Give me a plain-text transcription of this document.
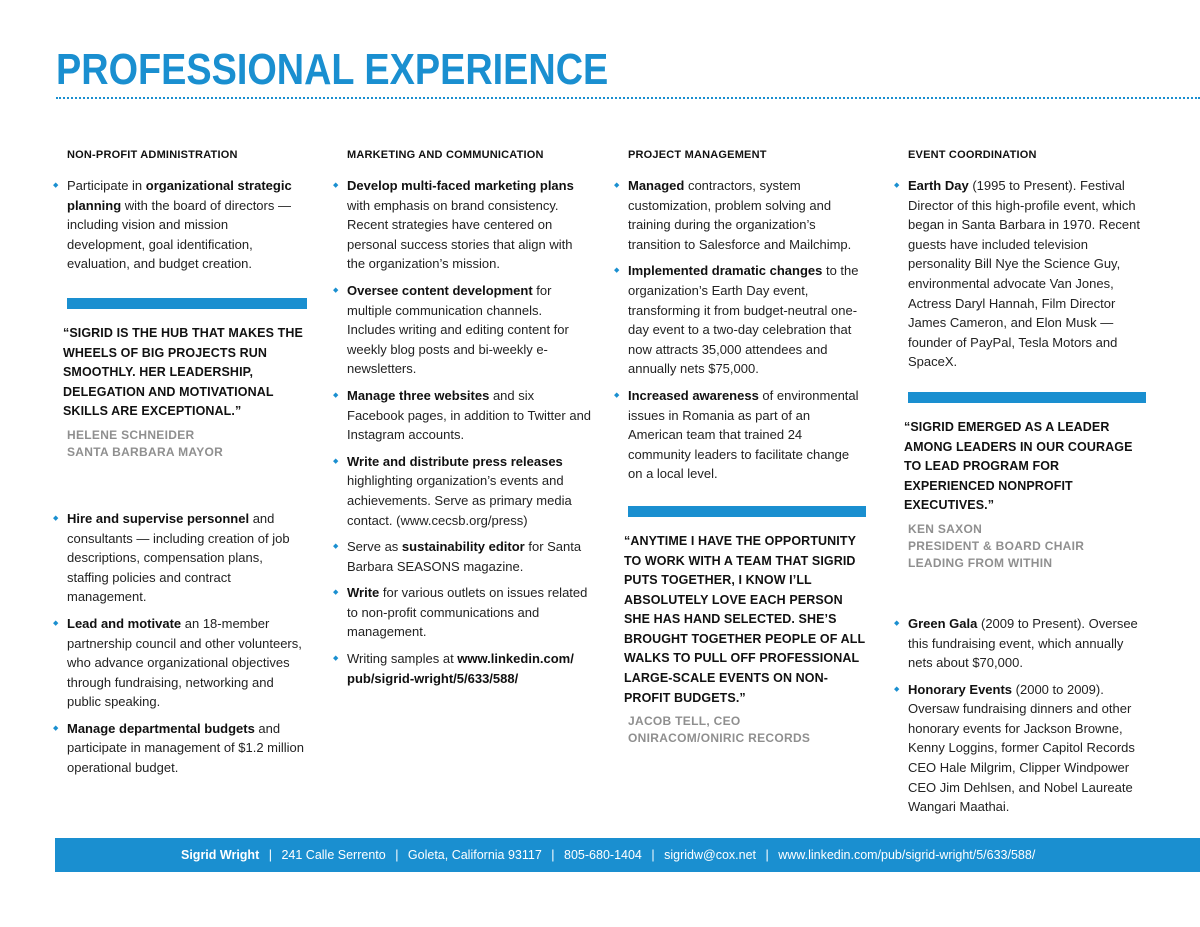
PROFESSIONAL EXPERIENCE
NON-PROFIT ADMINISTRATION
◆ Participate in organizational strategic planning with the board of directors — including vision and mission development, goal identification, evaluation, and budget creation.
“SIGRID IS THE HUB THAT MAKES THE WHEELS OF BIG PROJECTS RUN SMOOTHLY. HER LEADERSHIP, DELEGATION AND MOTIVATIONAL SKILLS ARE EXCEPTIONAL.”
HELENE SCHNEIDER
SANTA BARBARA MAYOR
◆ Hire and supervise personnel and consultants — including creation of job descriptions, compensation plans, staffing policies and contract management.
◆ Lead and motivate an 18-member partnership council and other volunteers, who advance organizational objectives through fundraising, networking and public speaking.
◆ Manage departmental budgets and participate in management of $1.2 million operational budget.
MARKETING AND COMMUNICATION
◆ Develop multi-faced marketing plans with emphasis on brand consistency. Recent strategies have centered on personal success stories that align with the organization’s mission.
◆ Oversee content development for multiple communication channels. Includes writing and editing content for weekly blog posts and bi-weekly e-newsletters.
◆ Manage three websites and six Facebook pages, in addition to Twitter and Instagram accounts.
◆ Write and distribute press releases highlighting organization’s events and achievements. Serve as primary media contact. (www.cecsb.org/press)
◆ Serve as sustainability editor for Santa Barbara SEASONS magazine.
◆ Write for various outlets on issues related to non-profit communications and management.
◆ Writing samples at www.linkedin.com/ pub/sigrid-wright/5/633/588/
PROJECT MANAGEMENT
◆ Managed contractors, system customization, problem solving and training during the organization’s transition to Salesforce and Mailchimp.
◆ Implemented dramatic changes to the organization’s Earth Day event, transforming it from budget-neutral one-day event to a two-day celebration that now attracts 35,000 attendees and annually nets $75,000.
◆ Increased awareness of environmental issues in Romania as part of an American team that trained 24 community leaders to facilitate change on a local level.
“ANYTIME I HAVE THE OPPORTUNITY TO WORK WITH A TEAM THAT SIGRID PUTS TOGETHER, I KNOW I’LL ABSOLUTELY LOVE EACH PERSON SHE HAS HAND SELECTED. SHE’S BROUGHT TOGETHER PEOPLE OF ALL WALKS TO PULL OFF PROFESSIONAL LARGE-SCALE EVENTS ON NON-PROFIT BUDGETS.”
JACOB TELL, CEO
ONIRACOM/ONIRIC RECORDS
EVENT COORDINATION
◆ Earth Day (1995 to Present). Festival Director of this high-profile event, which began in Santa Barbara in 1970. Recent guests have included television personality Bill Nye the Science Guy, environmental advocate Van Jones, Actress Daryl Hannah, Film Director James Cameron, and Elon Musk — founder of PayPal, Tesla Motors and SpaceX.
“SIGRID EMERGED AS A LEADER AMONG LEADERS IN OUR COURAGE TO LEAD PROGRAM FOR EXPERIENCED NONPROFIT EXECUTIVES.”
KEN SAXON
PRESIDENT & BOARD CHAIR
LEADING FROM WITHIN
◆ Green Gala (2009 to Present). Oversee this fundraising event, which annually nets about $70,000.
◆ Honorary Events (2000 to 2009). Oversaw fundraising dinners and other honorary events for Jackson Browne, Kenny Loggins, former Capitol Records CEO Hale Milgrim, Clipper Windpower CEO Jim Dehlsen, and Nobel Laureate Wangari Maathai.
Sigrid Wright | 241 Calle Serrento | Goleta, California 93117 | 805-680-1404 | sigridw@cox.net | www.linkedin.com/pub/sigrid-wright/5/633/588/
